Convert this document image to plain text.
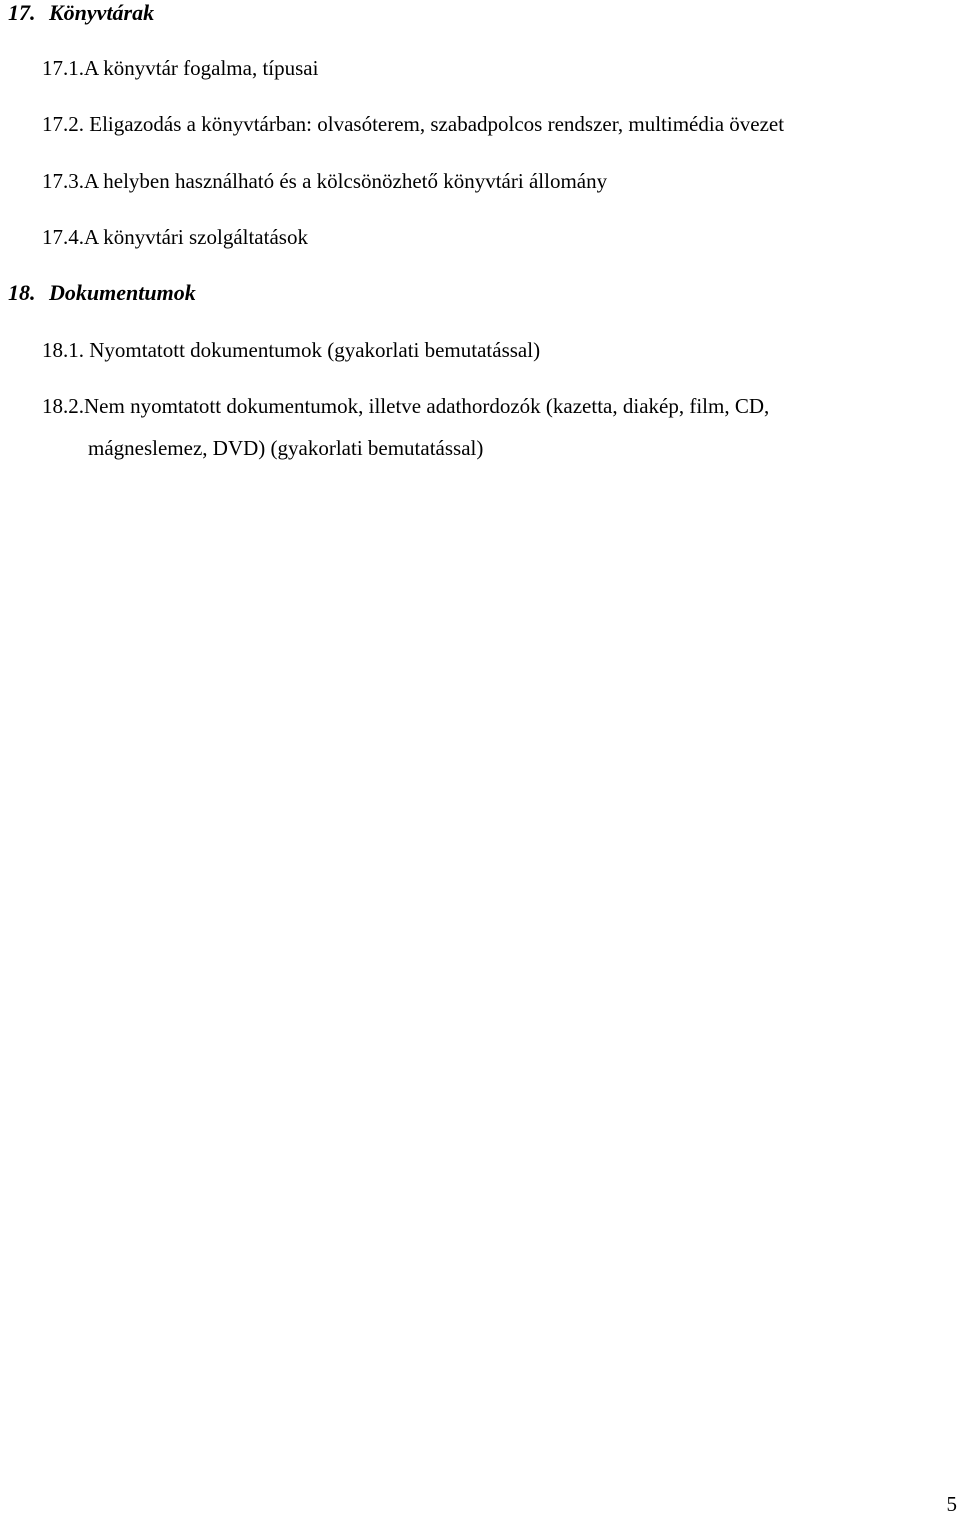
17. Könyvtárak
17.1.A könyvtár fogalma, típusai
17.2. Eligazodás a könyvtárban: olvasóterem, szabadpolcos rendszer, multimédia övezet
17.3.A helyben használható és a kölcsönözhető könyvtári állomány
17.4.A könyvtári szolgáltatások
18. Dokumentumok
18.1. Nyomtatott dokumentumok (gyakorlati bemutatással)
18.2.Nem nyomtatott dokumentumok, illetve adathordozók (kazetta, diakép, film, CD,
mágneslemez, DVD) (gyakorlati bemutatással)
5
